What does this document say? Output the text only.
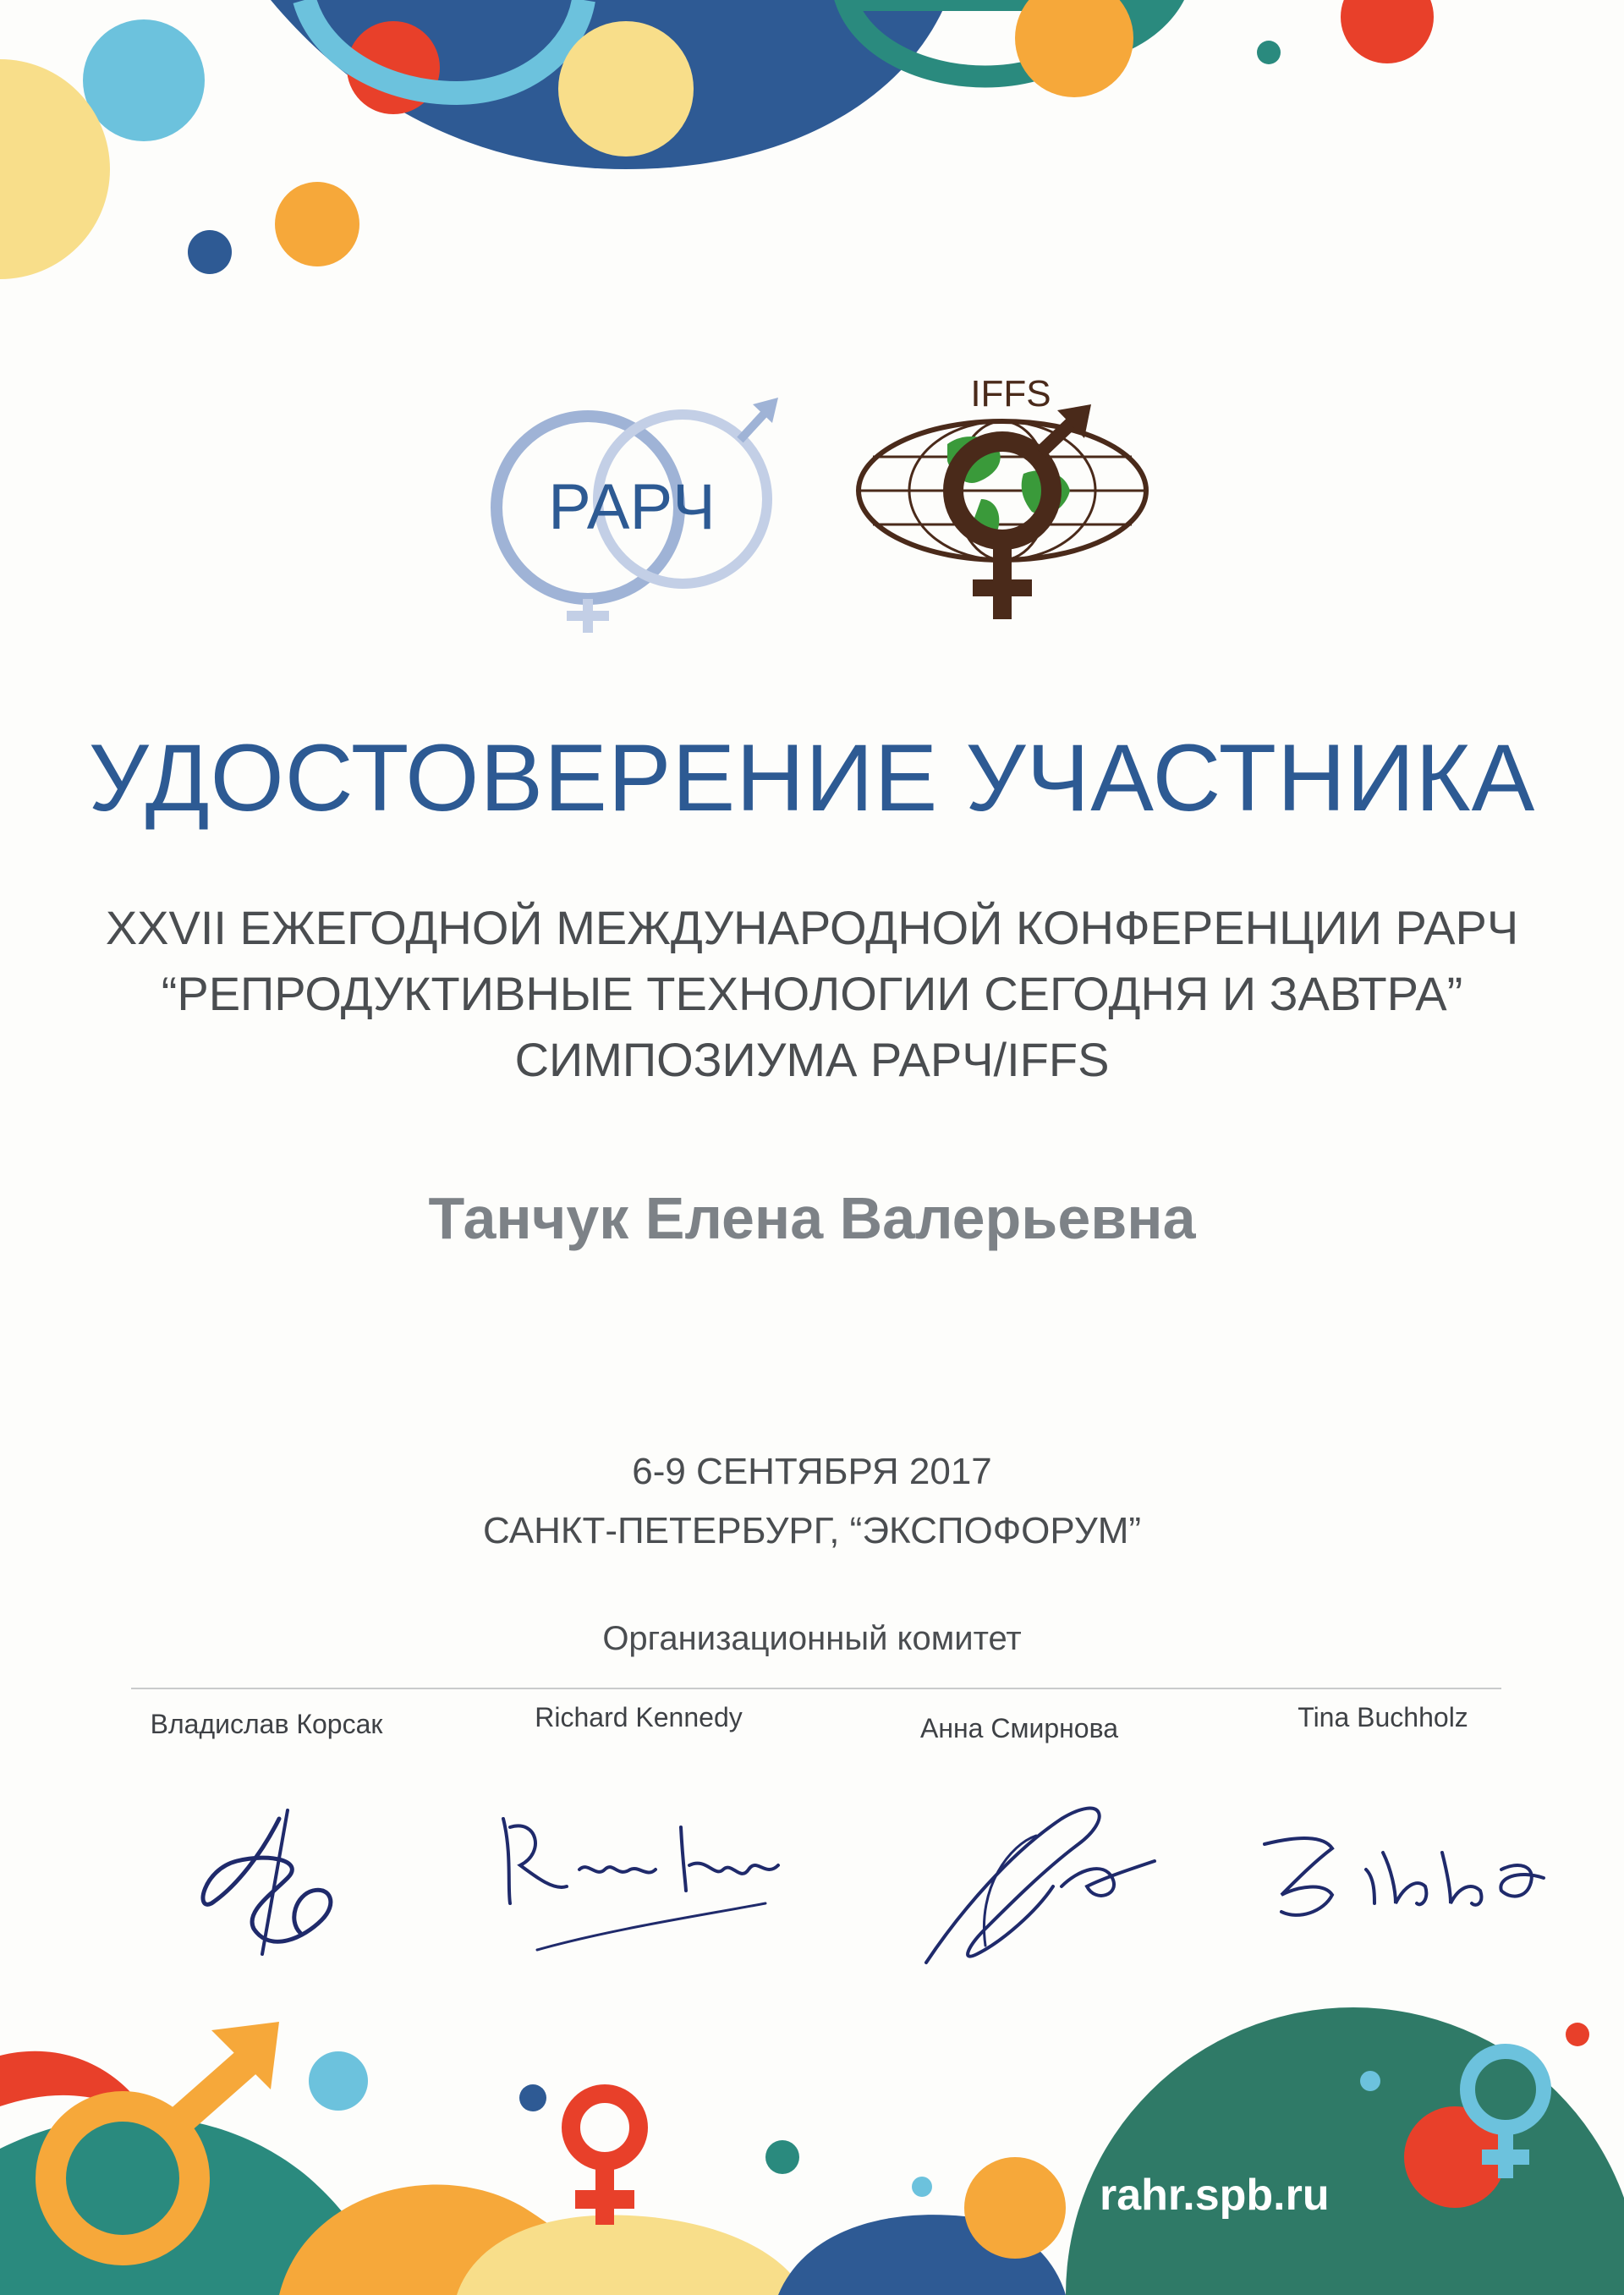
РАРЧ
IFFS
УДОСТОВЕРЕНИЕ УЧАСТНИКА
XXVII ЕЖЕГОДНОЙ МЕЖДУНАРОДНОЙ КОНФЕРЕНЦИИ РАРЧ
“РЕПРОДУКТИВНЫЕ ТЕХНОЛОГИИ СЕГОДНЯ И ЗАВТРА”
СИМПОЗИУМА РАРЧ/IFFS
Танчук Елена Валерьевна
6-9 СЕНТЯБРЯ 2017
САНКТ-ПЕТЕРБУРГ, “ЭКСПОФОРУМ”
Организационный комитет
Владислав Корсак	Richard Kennedy	Анна Смирнова	Tina Buchholz
rahr.spb.ru
